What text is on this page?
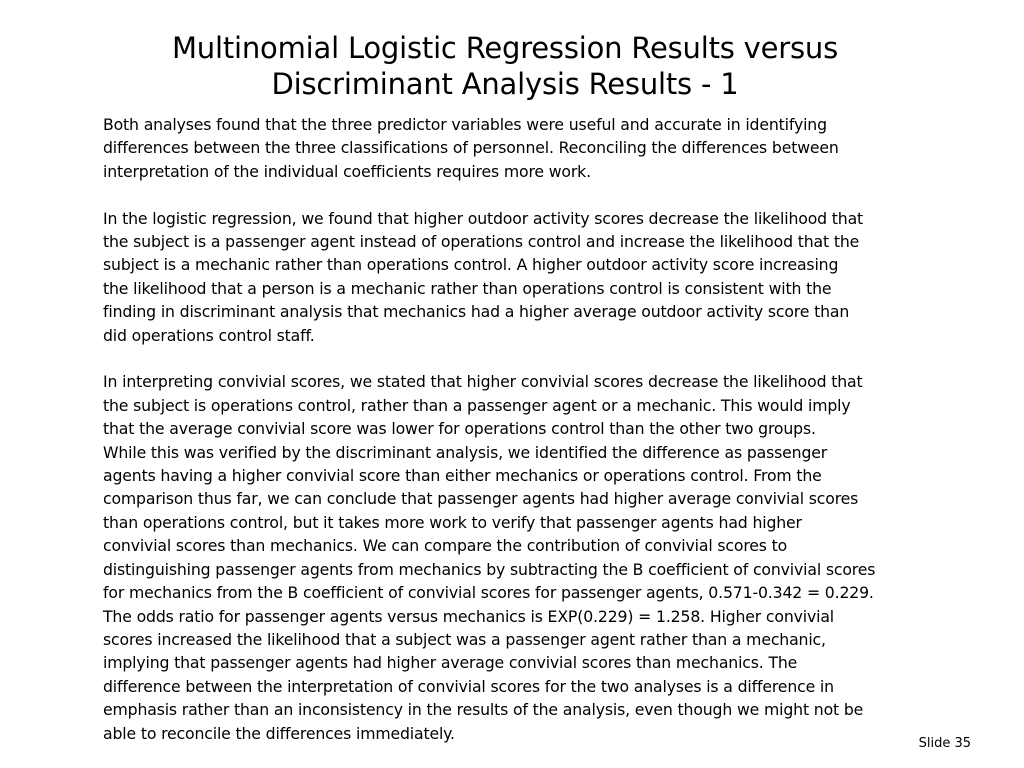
Multinomial Logistic Regression Results versus
Discriminant Analysis Results - 1

Both analyses found that the three predictor variables were useful and accurate in identifying
differences between the three classifications of personnel. Reconciling the differences between
interpretation of the individual coefficients requires more work.

In the logistic regression, we found that higher outdoor activity scores decrease the likelihood that
the subject is a passenger agent instead of operations control and increase the likelihood that the
subject is a mechanic rather than operations control. A higher outdoor activity score increasing
the likelihood that a person is a mechanic rather than operations control is consistent with the
finding in discriminant analysis that mechanics had a higher average outdoor activity score than
did operations control staff.

In interpreting convivial scores, we stated that higher convivial scores decrease the likelihood that
the subject is operations control, rather than a passenger agent or a mechanic. This would imply
that the average convivial score was lower for operations control than the other two groups.
While this was verified by the discriminant analysis, we identified the difference as passenger
agents having a higher convivial score than either mechanics or operations control. From the
comparison thus far, we can conclude that passenger agents had higher average convivial scores
than operations control, but it takes more work to verify that passenger agents had higher
convivial scores than mechanics. We can compare the contribution of convivial scores to
distinguishing passenger agents from mechanics by subtracting the B coefficient of convivial scores
for mechanics from the B coefficient of convivial scores for passenger agents, 0.571-0.342 = 0.229.
The odds ratio for passenger agents versus mechanics is EXP(0.229) = 1.258. Higher convivial
scores increased the likelihood that a subject was a passenger agent rather than a mechanic,
implying that passenger agents had higher average convivial scores than mechanics. The
difference between the interpretation of convivial scores for the two analyses is a difference in
emphasis rather than an inconsistency in the results of the analysis, even though we might not be
able to reconcile the differences immediately.

Slide 35
